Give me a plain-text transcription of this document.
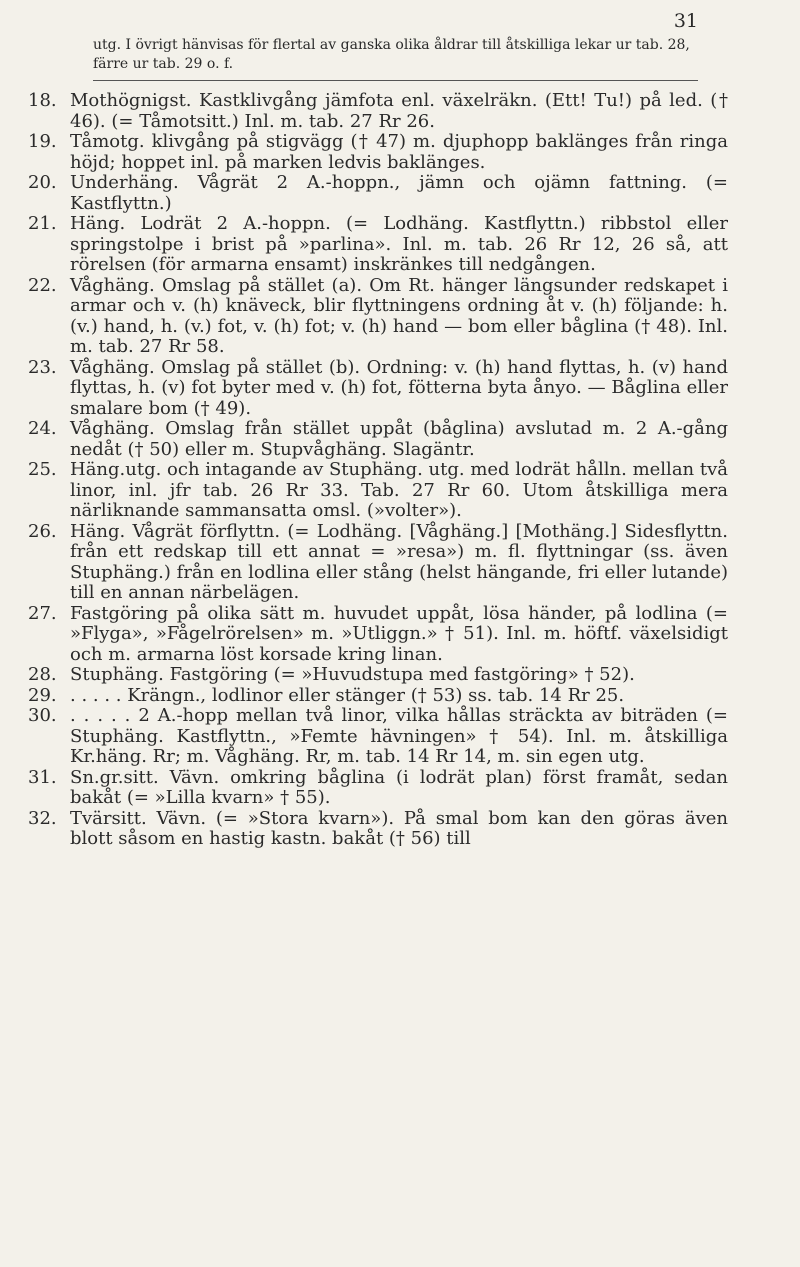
31
utg. I övrigt hänvisas för flertal av ganska olika åldrar till åtskilliga lekar ur tab. 28, färre ur tab. 29 o. f.
18. Mothögnigst. Kastklivgång jämfota enl. växelräkn. (Ett! Tu!) på led. († 46). (= Tåmotsitt.) Inl. m. tab. 27 Rr 26.
19. Tåmotg. klivgång på stigvägg († 47) m. djuphopp baklänges från ringa höjd; hoppet inl. på marken ledvis baklänges.
20. Underhäng. Vågrät 2 A.-hoppn., jämn och ojämn fattning. (= Kastflyttn.)
21. Häng. Lodrät 2 A.-hoppn. (= Lodhäng. Kastflyttn.) ribbstol eller springstolpe i brist på »parlina». Inl. m. tab. 26 Rr 12, 26 så, att rörelsen (för armarna ensamt) inskränkes till nedgången.
22. Våghäng. Omslag på stället (a). Om Rt. hänger längsunder redskapet i armar och v. (h) knäveck, blir flyttningens ordning åt v. (h) följande: h. (v.) hand, h. (v.) fot, v. (h) fot; v. (h) hand — bom eller båglina († 48). Inl. m. tab. 27 Rr 58.
23. Våghäng. Omslag på stället (b). Ordning: v. (h) hand flyttas, h. (v) hand flyttas, h. (v) fot byter med v. (h) fot, fötterna byta ånyo. — Båglina eller smalare bom († 49).
24. Våghäng. Omslag från stället uppåt (båglina) avslutad m. 2 A.-gång nedåt († 50) eller m. Stupvåghäng. Slagäntr.
25. Häng.utg. och intagande av Stuphäng. utg. med lodrät hålln. mellan två linor, inl. jfr tab. 26 Rr 33. Tab. 27 Rr 60. Utom åtskilliga mera närliknande sammansatta omsl. (»volter»).
26. Häng. Vågrät förflyttn. (= Lodhäng. [Våghäng.] [Mothäng.] Sidesflyttn. från ett redskap till ett annat = »resa») m. fl. flyttningar (ss. även Stuphäng.) från en lodlina eller stång (helst hängande, fri eller lutande) till en annan närbelägen.
27. Fastgöring på olika sätt m. huvudet uppåt, lösa händer, på lodlina (= »Flyga», »Fågelrörelsen» m. »Utliggn.» † 51). Inl. m. höftf. växelsidigt och m. armarna löst korsade kring linan.
28. Stuphäng. Fastgöring (= »Huvudstupa med fastgöring» † 52).
29. . . . . . Krängn., lodlinor eller stänger († 53) ss. tab. 14 Rr 25.
30. . . . . . 2 A.-hopp mellan två linor, vilka hållas sträckta av biträden (= Stuphäng. Kastflyttn., »Femte hävningen» † 54). Inl. m. åtskilliga Kr.häng. Rr; m. Våghäng. Rr, m. tab. 14 Rr 14, m. sin egen utg.
31. Sn.gr.sitt. Vävn. omkring båglina (i lodrät plan) först framåt, sedan bakåt (= »Lilla kvarn» † 55).
32. Tvärsitt. Vävn. (= »Stora kvarn»). På smal bom kan den göras även blott såsom en hastig kastn. bakåt († 56) till
